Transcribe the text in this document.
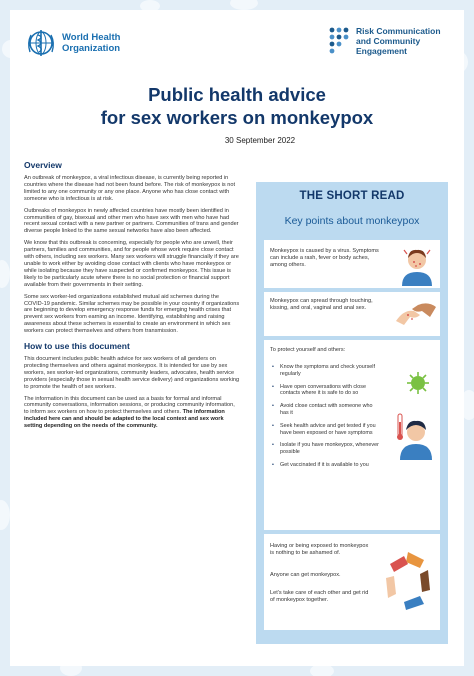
World Health
Organization
Risk Communication
and Community
Engagement
Public health advice
for sex workers on monkeypox
30 September 2022
Overview

An outbreak of monkeypox, a viral infectious disease, is currently being reported in countries where the disease had not been found before. The risk of monkeypox is not limited to any one community or any one place. Anyone who has close contact with someone who is infectious is at risk.

Outbreaks of monkeypox in newly affected countries have mostly been identified in communities of gay, bisexual and other men who have sex with men who have had recent sexual contact with a new partner or partners. Communities of trans and gender diverse people linked to the same sexual networks have also been affected.

We know that this outbreak is concerning, especially for people who are unwell, their partners, families and communities, and for people whose work require close contact with others, including sex workers. Many sex workers will struggle financially if they are unable to work either by avoiding close contact with clients who have monkeypox or while isolating because they have suspected or confirmed monkeypox. This issue is likely to be particularly acute where there is no social protection or financial support available from their governments in their setting.

Some sex worker-led organizations established mutual aid schemes during the COVID-19 pandemic. Similar schemes may be possible in your country if organizations are beginning to develop emergency response funds for emerging health crises that prevent sex workers from earning an income. Identifying, establishing and raising awareness about these schemes is essential to create an environment in which sex workers can protect themselves and others from transmission.

How to use this document

This document includes public health advice for sex workers of all genders on protecting themselves and others against monkeypox. It is intended for use by sex workers, sex worker-led organizations, community leaders, advocates, health service providers (especially those in sexual health service delivery) and organizations working to promote the health of sex workers.

The information in this document can be used as a basis for formal and informal community conversations, information sessions, or producing community information, to inform sex workers on how to protect themselves and others. The information included here can and should be adapted to the local context and sex work setting depending on the needs of the community.

THE SHORT READ
Key points about monkeypox
Monkeypox is caused by a virus. Symptoms can include a rash, fever or body aches, among others.
Monkeypox can spread through touching, kissing, and oral, vaginal and anal sex.
To protect yourself and others:
• Know the symptoms and check yourself regularly
• Have open conversations with close contacts where it is safe to do so
• Avoid close contact with someone who has it
• Seek health advice and get tested if you have been exposed or have symptoms
• Isolate if you have monkeypox, whenever possible
• Get vaccinated if it is available to you
Having or being exposed to monkeypox is nothing to be ashamed of.
Anyone can get monkeypox.
Let's take care of each other and get rid of monkeypox together.
